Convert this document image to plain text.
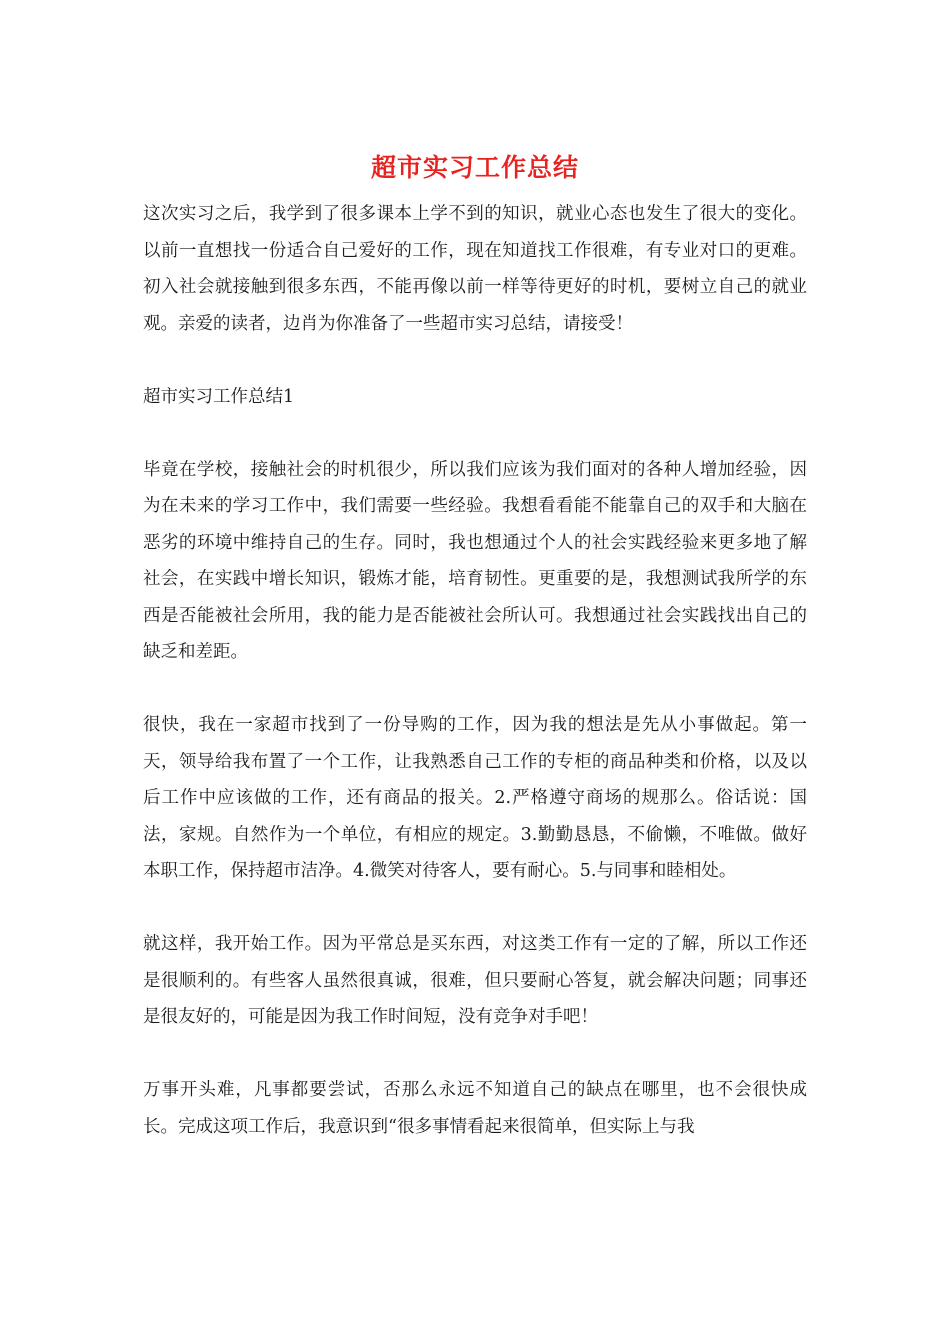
超市实习工作总结

这次实习之后，我学到了很多课本上学不到的知识，就业心态也发生了很大的变化。以前一直想找一份适合自己爱好的工作，现在知道找工作很难，有专业对口的更难。初入社会就接触到很多东西，不能再像以前一样等待更好的时机，要树立自己的就业观。亲爱的读者，边肖为你准备了一些超市实习总结，请接受！

超市实习工作总结1

毕竟在学校，接触社会的时机很少，所以我们应该为我们面对的各种人增加经验，因为在未来的学习工作中，我们需要一些经验。我想看看能不能靠自己的双手和大脑在恶劣的环境中维持自己的生存。同时，我也想通过个人的社会实践经验来更多地了解社会，在实践中增长知识，锻炼才能，培育韧性。更重要的是，我想测试我所学的东西是否能被社会所用，我的能力是否能被社会所认可。我想通过社会实践找出自己的缺乏和差距。

很快，我在一家超市找到了一份导购的工作，因为我的想法是先从小事做起。第一天，领导给我布置了一个工作，让我熟悉自己工作的专柜的商品种类和价格，以及以后工作中应该做的工作，还有商品的报关。2.严格遵守商场的规那么。俗话说：国法，家规。自然作为一个单位，有相应的规定。3.勤勤恳恳，不偷懒，不唯做。做好本职工作，保持超市洁净。4.微笑对待客人，要有耐心。5.与同事和睦相处。

就这样，我开始工作。因为平常总是买东西，对这类工作有一定的了解，所以工作还是很顺利的。有些客人虽然很真诚，很难，但只要耐心答复，就会解决问题；同事还是很友好的，可能是因为我工作时间短，没有竞争对手吧！

万事开头难，凡事都要尝试，否那么永远不知道自己的缺点在哪里，也不会很快成长。完成这项工作后，我意识到“很多事情看起来很简单，但实际上与我
